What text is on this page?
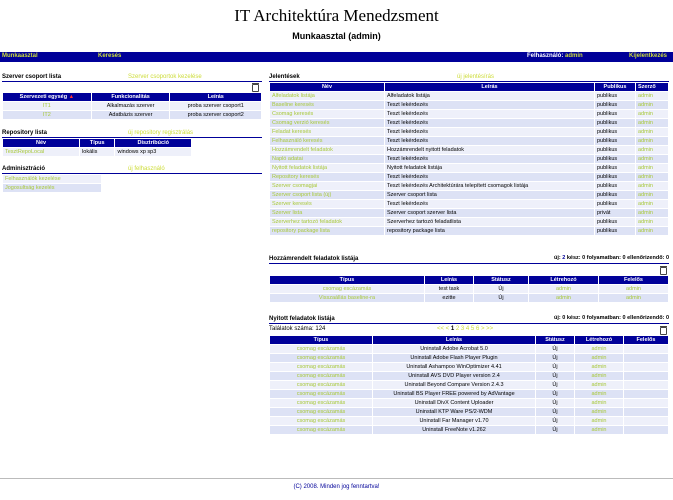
IT Architektúra Menedzsment
Munkaasztal (admin)
Munkaasztal	Keresés	Felhasználó: admin	Kijelentkezés
Szerver csoport lista	Szerver csoportok kezelése
Szervezeti egység ▲	Funkcionalitás	Leírás
IT1	Alkalmazás szerver	proba szerver csoport1
IT2	Adatbázis szerver	proba szerver csoport2
Repository lista	új repository regisztrálás
Név	Típus	Disztribúció
TesztRepoLocal	lokális	windows xp sp3
Adminisztráció	új felhasználó
Felhasználók kezelése
Jogosultság kezelés
Jelentések	új jelentésírás
Név	Leírás	Publikus	Szerző
Alfeladatok listája	Alfeladatok listája	publikus	admin
Baseline keresés	Teszt lekérdezés	publikus	admin
Csomag keresés	Teszt lekérdezés	publikus	admin
Csomag verzió keresés	Teszt lekérdezés	publikus	admin
Feladat keresés	Teszt lekérdezés	publikus	admin
Felhasználó keresés	Teszt lekérdezés	publikus	admin
Hozzámrendelt feladatok	Hozzámrendelt nyitott feladatok	publikus	admin
Napló adatai	Teszt lekérdezés	publikus	admin
Nyitott feladatok listája	Nyitott feladatok listája	publikus	admin
Repository keresés	Teszt lekérdezés	publikus	admin
Szerver csomagjai	Teszt lekérdezés Architektúrára telepített csomagok listája	publikus	admin
Szerver csoport lista (új)	Szerver csoport lista	publikus	admin
Szerver keresés	Teszt lekérdezés	publikus	admin
Szerver lista	Szerver csoport szerver lista	privát	admin
Szerverhez tartozó feladatok	Szerverhez tartozó feladatlista	publikus	admin
repository package lista	repository package lista	publikus	admin
Hozzámrendelt feladatok listája	új: 2 kész: 0 folyamatban: 0 ellenőrizendő: 0
Típus	Leírás	Státusz	Létrehozó	Felelős
csomag escázamás	test task	Új	admin	admin
Visszaállás baseline-ra	ezitte	Új	admin	admin
Nyitott feladatok listája	új: 0 kész: 0 folyamatban: 0 ellenőrizendő: 0
Találatok száma: 124	<< < 1 2 3 4 5 6 > >>
Típus	Leírás	Státusz	Létrehozó	Felelős
csomag escázamás	Uninstall Adobe Acrobat 5.0	Új	admin	
csomag escázamás	Uninstall Adobe Flash Player Plugin	Új	admin	
csomag escázamás	Uninstall Ashampoo WinOptimizer 4.41	Új	admin	
csomag escázamás	Uninstall AVS DVD Player version 2.4	Új	admin	
csomag escázamás	Uninstall Beyond Compare Version 2.4.3	Új	admin	
csomag escázamás	Uninstall BS Player FREE powered by AdVantage	Új	admin	
csomag escázamás	Uninstall DivX Content Uploader	Új	admin	
csomag escázamás	Uninstall KTP Ware PS/2-WDM	Új	admin	
csomag escázamás	Uninstall Far Manager v1.70	Új	admin	
csomag escázamás	Uninstall FreeNote v1.262	Új	admin	
(C) 2008. Minden jog fenntartva!
